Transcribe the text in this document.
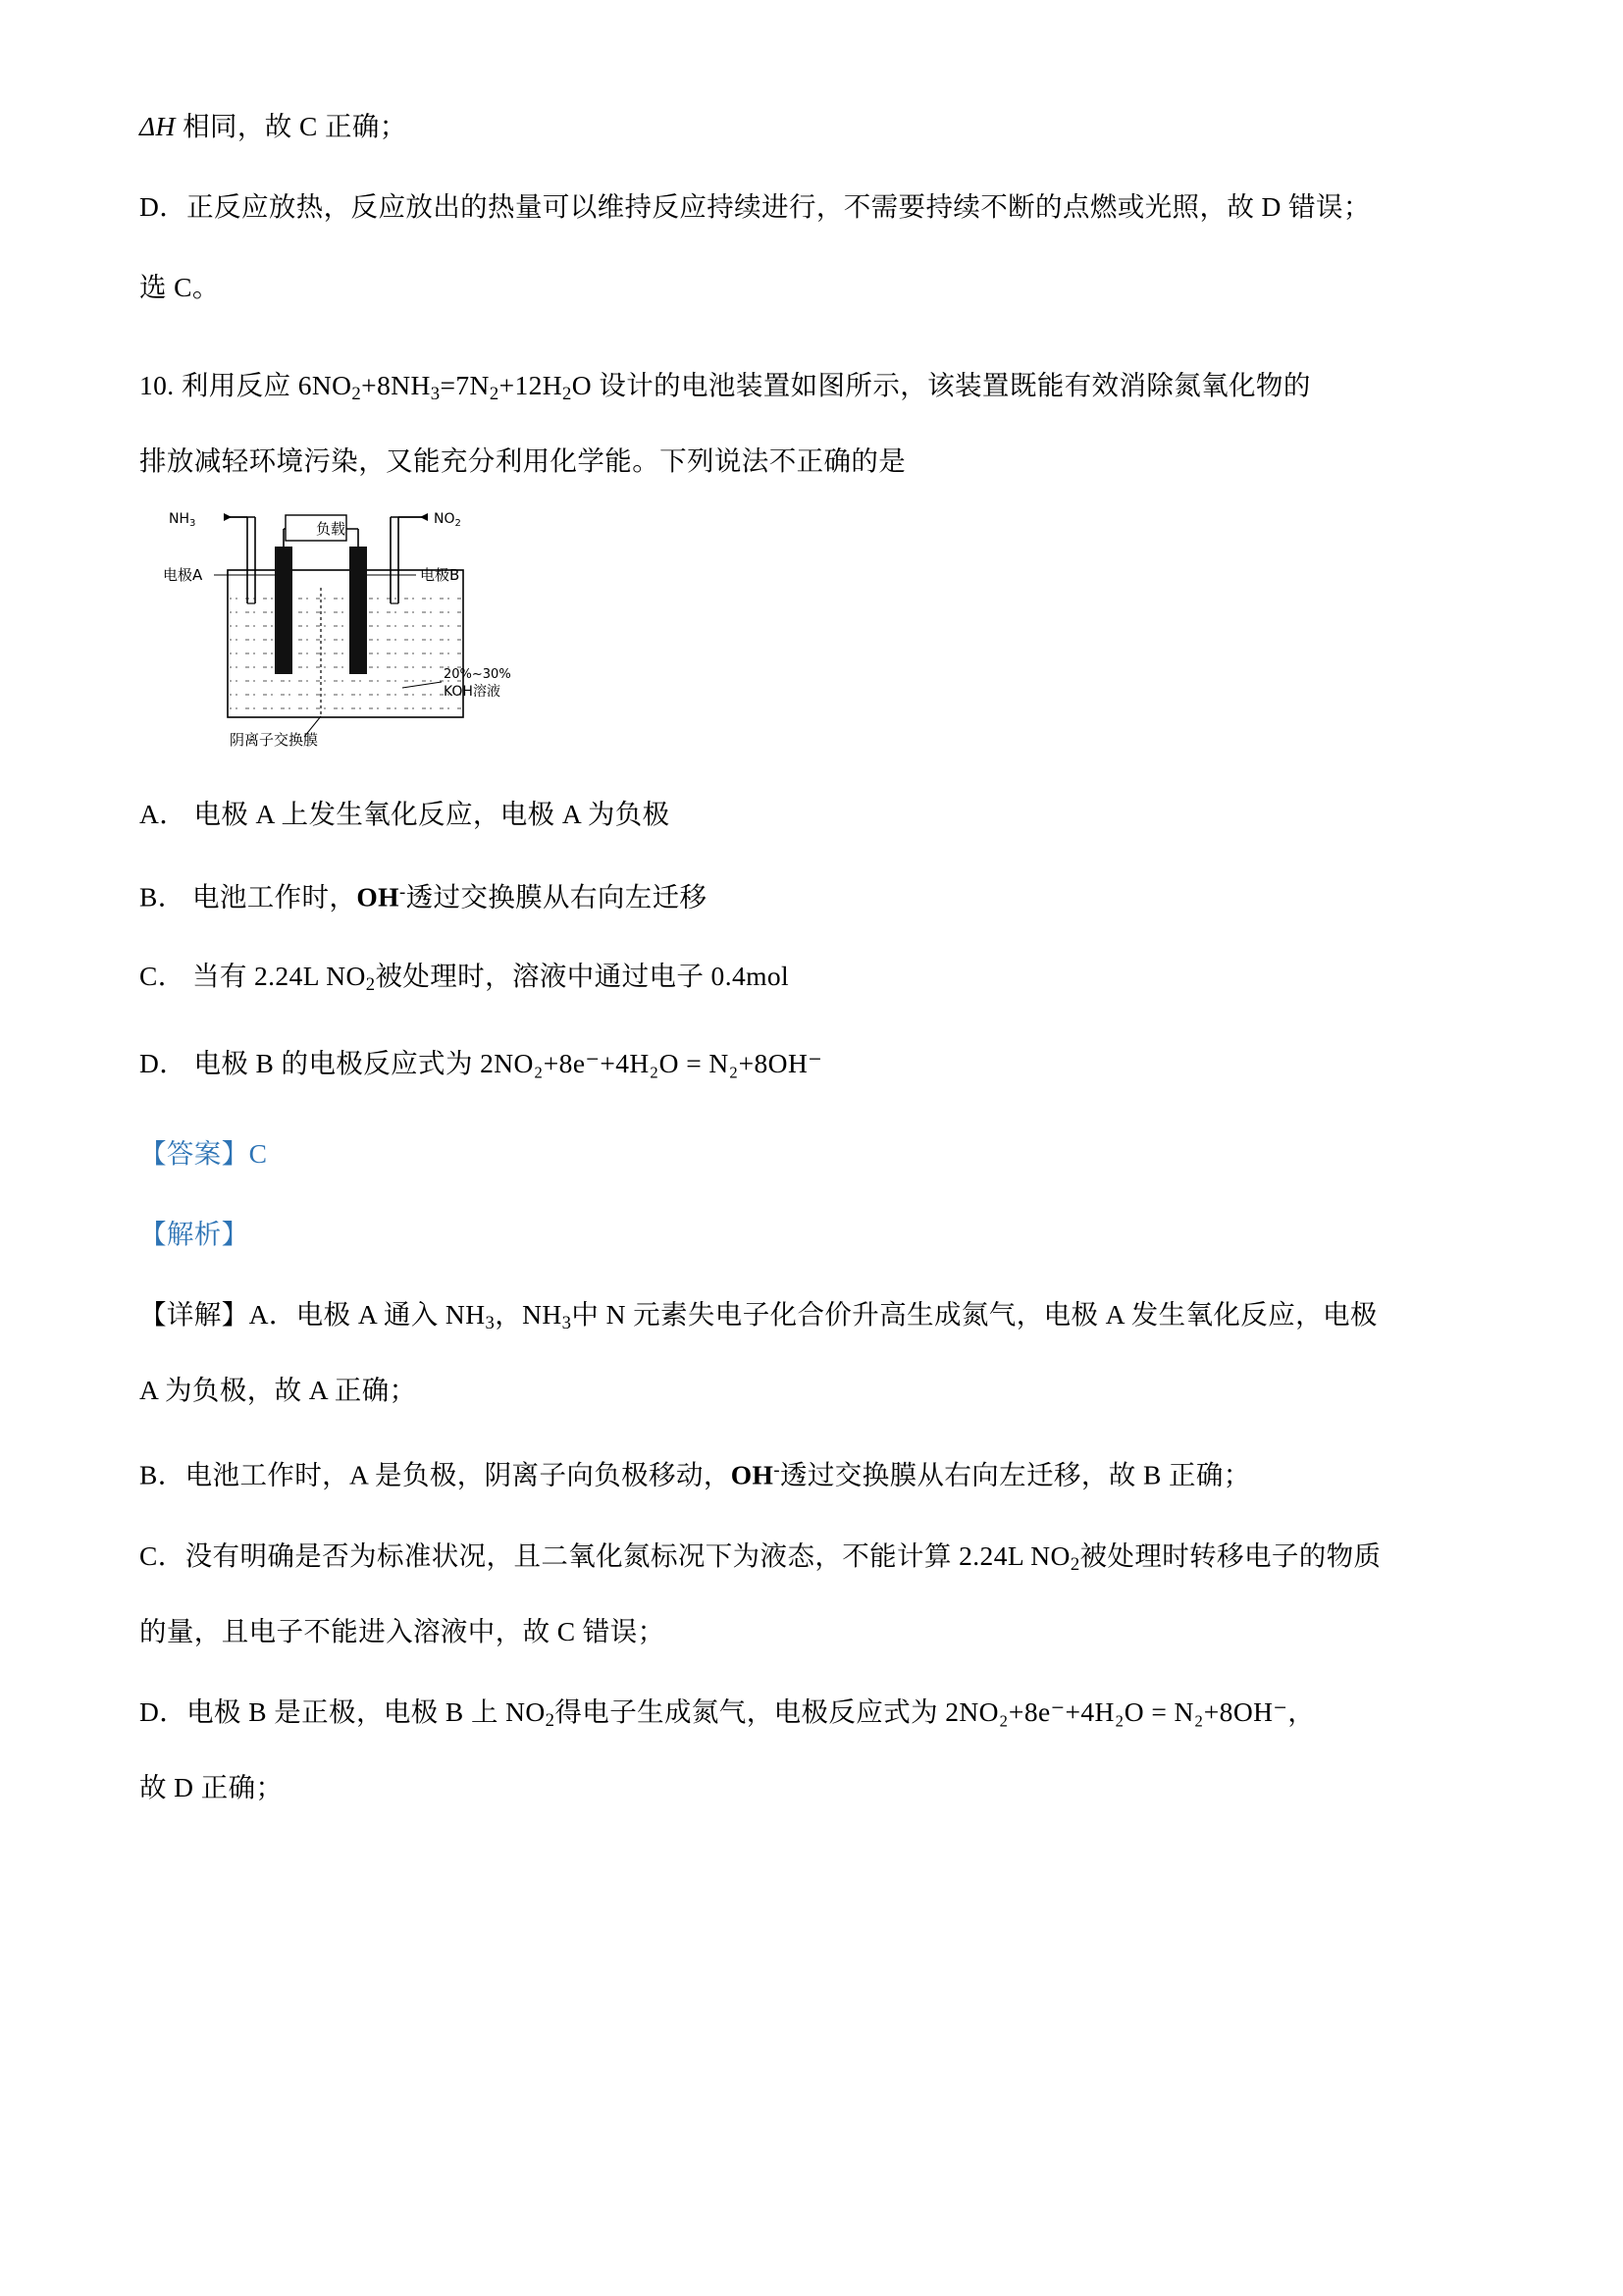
ΔH 相同，故 C 正确；

D．正反应放热，反应放出的热量可以维持反应持续进行，不需要持续不断的点燃或光照，故 D 错误；

选 C。

10. 利用反应 $6NO_2+8NH_3=7N_2+12H_2O$ 设计的电池装置如图所示，该装置既能有效消除氮氧化物的

排放减轻环境污染，又能充分利用化学能。下列说法不正确的是

负载
$NH_3$	$NO_2$
电极A	电极B
20%~30%
KOH溶液
阴离子交换膜

A． 电极 A 上发生氧化反应，电极 A 为负极

B． 电池工作时，OH-透过交换膜从右向左迁移

C． 当有 2.24L $NO_2$被处理时，溶液中通过电子 0.4mol

D． 电极 B 的电极反应式为 2NO₂+8e⁻+4H₂O = N₂+8OH⁻

【答案】C

【解析】

【详解】A．电极 A 通入 $NH_3$，$NH_3$中 N 元素失电子化合价升高生成氮气，电极 A 发生氧化反应，电极

A 为负极，故 A 正确；

B．电池工作时，A 是负极，阴离子向负极移动，OH-透过交换膜从右向左迁移，故 B 正确；

C．没有明确是否为标准状况，且二氧化氮标况下为液态，不能计算 2.24L $NO_2$被处理时转移电子的物质

的量，且电子不能进入溶液中，故 C 错误；

D．电极 B 是正极，电极 B 上 $NO_2$得电子生成氮气，电极反应式为 2NO₂+8e⁻+4H₂O = N₂+8OH⁻，

故 D 正确；
